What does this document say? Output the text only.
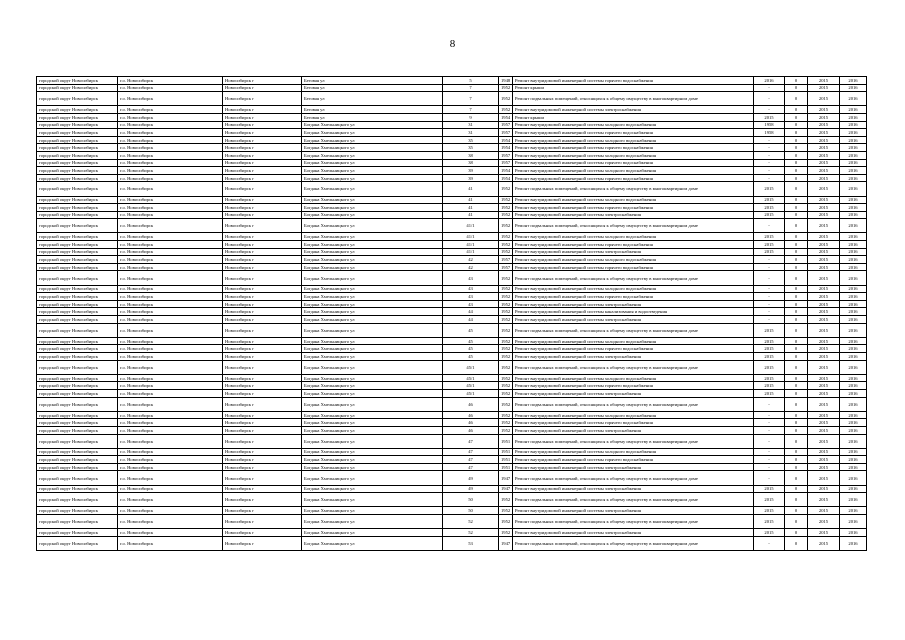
8
городской округ Новосибирск	г.о. Новосибирск	Новосибирск г	Беговая ул	5	1948	Ремонт внутридомовой инженерной системы горячего водоснабжения	2016	0	2015	2016
городской округ Новосибирск	г.о. Новосибирск	Новосибирск г	Беговая ул	7	1952	Ремонт крыши	-	0	2015	2016
городской округ Новосибирск	г.о. Новосибирск	Новосибирск г	Беговая ул	7	1952	Ремонт подвальных помещений, относящихся к общему имуществу в многоквартирном доме	-	0	2015	2016
городской округ Новосибирск	г.о. Новосибирск	Новосибирск г	Беговая ул	7	1952	Ремонт внутридомовой инженерной системы электроснабжения	-	0	2015	2016
городской округ Новосибирск	г.о. Новосибирск	Новосибирск г	Беговая ул	9	1954	Ремонт крыши	2015	0	2015	2016
городской округ Новосибирск	г.о. Новосибирск	Новосибирск г	Богдана Хмельницкого ул	31	1957	Ремонт внутридомовой инженерной системы холодного водоснабжения	1958	0	2015	2016
городской округ Новосибирск	г.о. Новосибирск	Новосибирск г	Богдана Хмельницкого ул	31	1957	Ремонт внутридомовой инженерной системы горячего водоснабжения	1958	0	2015	2016
городской округ Новосибирск	г.о. Новосибирск	Новосибирск г	Богдана Хмельницкого ул	35	1954	Ремонт внутридомовой инженерной системы холодного водоснабжения	-	0	2015	2016
городской округ Новосибирск	г.о. Новосибирск	Новосибирск г	Богдана Хмельницкого ул	35	1954	Ремонт внутридомовой инженерной системы горячего водоснабжения	-	0	2015	2016
городской округ Новосибирск	г.о. Новосибирск	Новосибирск г	Богдана Хмельницкого ул	38	1957	Ремонт внутридомовой инженерной системы холодного водоснабжения	-	0	2015	2016
городской округ Новосибирск	г.о. Новосибирск	Новосибирск г	Богдана Хмельницкого ул	38	1957	Ремонт внутридомовой инженерной системы горячего водоснабжения	-	0	2015	2016
городской округ Новосибирск	г.о. Новосибирск	Новосибирск г	Богдана Хмельницкого ул	39	1954	Ремонт внутридомовой инженерной системы холодного водоснабжения	-	0	2015	2016
городской округ Новосибирск	г.о. Новосибирск	Новосибирск г	Богдана Хмельницкого ул	39	1954	Ремонт внутридомовой инженерной системы горячего водоснабжения	-	0	2015	2016
городской округ Новосибирск	г.о. Новосибирск	Новосибирск г	Богдана Хмельницкого ул	41	1952	Ремонт подвальных помещений, относящихся к общему имуществу в многоквартирном доме	2015	0	2015	2016
городской округ Новосибирск	г.о. Новосибирск	Новосибирск г	Богдана Хмельницкого ул	41	1952	Ремонт внутридомовой инженерной системы холодного водоснабжения	2015	0	2015	2016
городской округ Новосибирск	г.о. Новосибирск	Новосибирск г	Богдана Хмельницкого ул	41	1952	Ремонт внутридомовой инженерной системы горячего водоснабжения	2015	0	2015	2016
городской округ Новосибирск	г.о. Новосибирск	Новосибирск г	Богдана Хмельницкого ул	41	1952	Ремонт внутридомовой инженерной системы электроснабжения	2015	0	2015	2016
городской округ Новосибирск	г.о. Новосибирск	Новосибирск г	Богдана Хмельницкого ул	41/1	1952	Ремонт подвальных помещений, относящихся к общему имуществу в многоквартирном доме	-	0	2015	2016
городской округ Новосибирск	г.о. Новосибирск	Новосибирск г	Богдана Хмельницкого ул	41/1	1952	Ремонт внутридомовой инженерной системы холодного водоснабжения	2015	0	2015	2016
городской округ Новосибирск	г.о. Новосибирск	Новосибирск г	Богдана Хмельницкого ул	41/1	1952	Ремонт внутридомовой инженерной системы горячего водоснабжения	2015	0	2015	2016
городской округ Новосибирск	г.о. Новосибирск	Новосибирск г	Богдана Хмельницкого ул	41/1	1952	Ремонт внутридомовой инженерной системы электроснабжения	2015	0	2015	2016
городской округ Новосибирск	г.о. Новосибирск	Новосибирск г	Богдана Хмельницкого ул	42	1957	Ремонт внутридомовой инженерной системы холодного водоснабжения	-	0	2015	2016
городской округ Новосибирск	г.о. Новосибирск	Новосибирск г	Богдана Хмельницкого ул	42	1957	Ремонт внутридомовой инженерной системы горячего водоснабжения	-	0	2015	2016
городской округ Новосибирск	г.о. Новосибирск	Новосибирск г	Богдана Хмельницкого ул	43	1952	Ремонт подвальных помещений, относящихся к общему имуществу в многоквартирном доме	-	0	2015	2016
городской округ Новосибирск	г.о. Новосибирск	Новосибирск г	Богдана Хмельницкого ул	43	1952	Ремонт внутридомовой инженерной системы холодного водоснабжения	-	0	2015	2016
городской округ Новосибирск	г.о. Новосибирск	Новосибирск г	Богдана Хмельницкого ул	43	1952	Ремонт внутридомовой инженерной системы горячего водоснабжения	-	0	2015	2016
городской округ Новосибирск	г.о. Новосибирск	Новосибирск г	Богдана Хмельницкого ул	43	1952	Ремонт внутридомовой инженерной системы электроснабжения	-	0	2015	2016
городской округ Новосибирск	г.о. Новосибирск	Новосибирск г	Богдана Хмельницкого ул	44	1952	Ремонт внутридомовой инженерной системы канализования и водоотведения	-	0	2015	2016
городской округ Новосибирск	г.о. Новосибирск	Новосибирск г	Богдана Хмельницкого ул	44	1952	Ремонт внутридомовой инженерной системы электроснабжения	-	0	2015	2016
городской округ Новосибирск	г.о. Новосибирск	Новосибирск г	Богдана Хмельницкого ул	45	1952	Ремонт подвальных помещений, относящихся к общему имуществу в многоквартирном доме	2015	0	2015	2016
городской округ Новосибирск	г.о. Новосибирск	Новосибирск г	Богдана Хмельницкого ул	45	1952	Ремонт внутридомовой инженерной системы холодного водоснабжения	2015	0	2015	2016
городской округ Новосибирск	г.о. Новосибирск	Новосибирск г	Богдана Хмельницкого ул	45	1952	Ремонт внутридомовой инженерной системы горячего водоснабжения	2015	0	2015	2016
городской округ Новосибирск	г.о. Новосибирск	Новосибирск г	Богдана Хмельницкого ул	45	1952	Ремонт внутридомовой инженерной системы электроснабжения	2015	0	2015	2016
городской округ Новосибирск	г.о. Новосибирск	Новосибирск г	Богдана Хмельницкого ул	45/1	1952	Ремонт подвальных помещений, относящихся к общему имуществу в многоквартирном доме	2015	0	2015	2016
городской округ Новосибирск	г.о. Новосибирск	Новосибирск г	Богдана Хмельницкого ул	45/1	1952	Ремонт внутридомовой инженерной системы холодного водоснабжения	2015	0	2015	2016
городской округ Новосибирск	г.о. Новосибирск	Новосибирск г	Богдана Хмельницкого ул	45/1	1952	Ремонт внутридомовой инженерной системы горячего водоснабжения	2015	0	2015	2016
городской округ Новосибирск	г.о. Новосибирск	Новосибирск г	Богдана Хмельницкого ул	45/1	1952	Ремонт внутридомовой инженерной системы электроснабжения	2015	0	2015	2016
городской округ Новосибирск	г.о. Новосибирск	Новосибирск г	Богдана Хмельницкого ул	46	1952	Ремонт подвальных помещений, относящихся к общему имуществу в многоквартирном доме	-	0	2015	2016
городской округ Новосибирск	г.о. Новосибирск	Новосибирск г	Богдана Хмельницкого ул	46	1952	Ремонт внутридомовой инженерной системы холодного водоснабжения	-	0	2015	2016
городской округ Новосибирск	г.о. Новосибирск	Новосибирск г	Богдана Хмельницкого ул	46	1952	Ремонт внутридомовой инженерной системы горячего водоснабжения	-	0	2015	2016
городской округ Новосибирск	г.о. Новосибирск	Новосибирск г	Богдана Хмельницкого ул	46	1952	Ремонт внутридомовой инженерной системы электроснабжения	-	0	2015	2016
городской округ Новосибирск	г.о. Новосибирск	Новосибирск г	Богдана Хмельницкого ул	47	1951	Ремонт подвальных помещений, относящихся к общему имуществу в многоквартирном доме	-	0	2015	2016
городской округ Новосибирск	г.о. Новосибирск	Новосибирск г	Богдана Хмельницкого ул	47	1951	Ремонт внутридомовой инженерной системы холодного водоснабжения	-	0	2015	2016
городской округ Новосибирск	г.о. Новосибирск	Новосибирск г	Богдана Хмельницкого ул	47	1951	Ремонт внутридомовой инженерной системы горячего водоснабжения	-	0	2015	2016
городской округ Новосибирск	г.о. Новосибирск	Новосибирск г	Богдана Хмельницкого ул	47	1951	Ремонт внутридомовой инженерной системы электроснабжения	-	0	2015	2016
городской округ Новосибирск	г.о. Новосибирск	Новосибирск г	Богдана Хмельницкого ул	49	1947	Ремонт подвальных помещений, относящихся к общему имуществу в многоквартирном доме	-	0	2015	2016
городской округ Новосибирск	г.о. Новосибирск	Новосибирск г	Богдана Хмельницкого ул	49	1947	Ремонт внутридомовой инженерной системы электроснабжения	2015	0	2015	2016
городской округ Новосибирск	г.о. Новосибирск	Новосибирск г	Богдана Хмельницкого ул	50	1952	Ремонт подвальных помещений, относящихся к общему имуществу в многоквартирном доме	2015	0	2015	2016
городской округ Новосибирск	г.о. Новосибирск	Новосибирск г	Богдана Хмельницкого ул	50	1952	Ремонт внутридомовой инженерной системы электроснабжения	2015	0	2015	2016
городской округ Новосибирск	г.о. Новосибирск	Новосибирск г	Богдана Хмельницкого ул	52	1952	Ремонт подвальных помещений, относящихся к общему имуществу в многоквартирном доме	2015	0	2015	2016
городской округ Новосибирск	г.о. Новосибирск	Новосибирск г	Богдана Хмельницкого ул	52	1952	Ремонт внутридомовой инженерной системы электроснабжения	2015	0	2015	2016
городской округ Новосибирск	г.о. Новосибирск	Новосибирск г	Богдана Хмельницкого ул	53	1947	Ремонт подвальных помещений, относящихся к общему имуществу в многоквартирном доме	-	0	2015	2016
